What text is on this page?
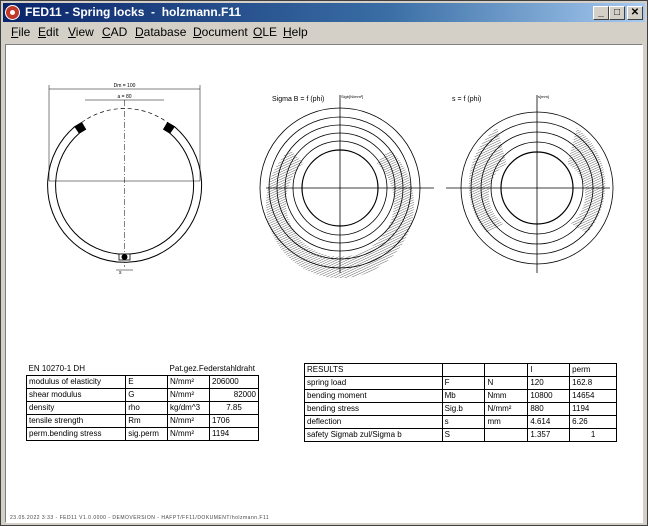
FED11 - Spring locks  -  holzmann.F11	_	□	✕
File Edit View CAD Database Document OLE Help
Dm = 100
a = 80
s
Sigma B = f (phi)	Sigb[N/mm²]	s = f (phi)	s[mm]
EN 10270-1 DH		Pat.gez.Federstahldraht	
modulus of elasticity	E	N/mm²	206000
shear modulus	G	N/mm²	82000
density	rho	kg/dm^3	7.85
tensile strength	Rm	N/mm²	1706
perm.bending stress	sig.perm	N/mm²	1194
RESULTS			I	perm
spring load	F	N	120	162.8
bending moment	Mb	Nmm	10800	14654
bending stress	Sig.b	N/mm²	880	1194
deflection	s	mm	4.614	6.26
safety Sigmab zul/Sigma b	S		1.357	1
23.05.2022 3:33 - FED11 V1.0.0000 - DEMOVERSION - HAFPT/FF11/DOKUMENT/holzmann.F11
